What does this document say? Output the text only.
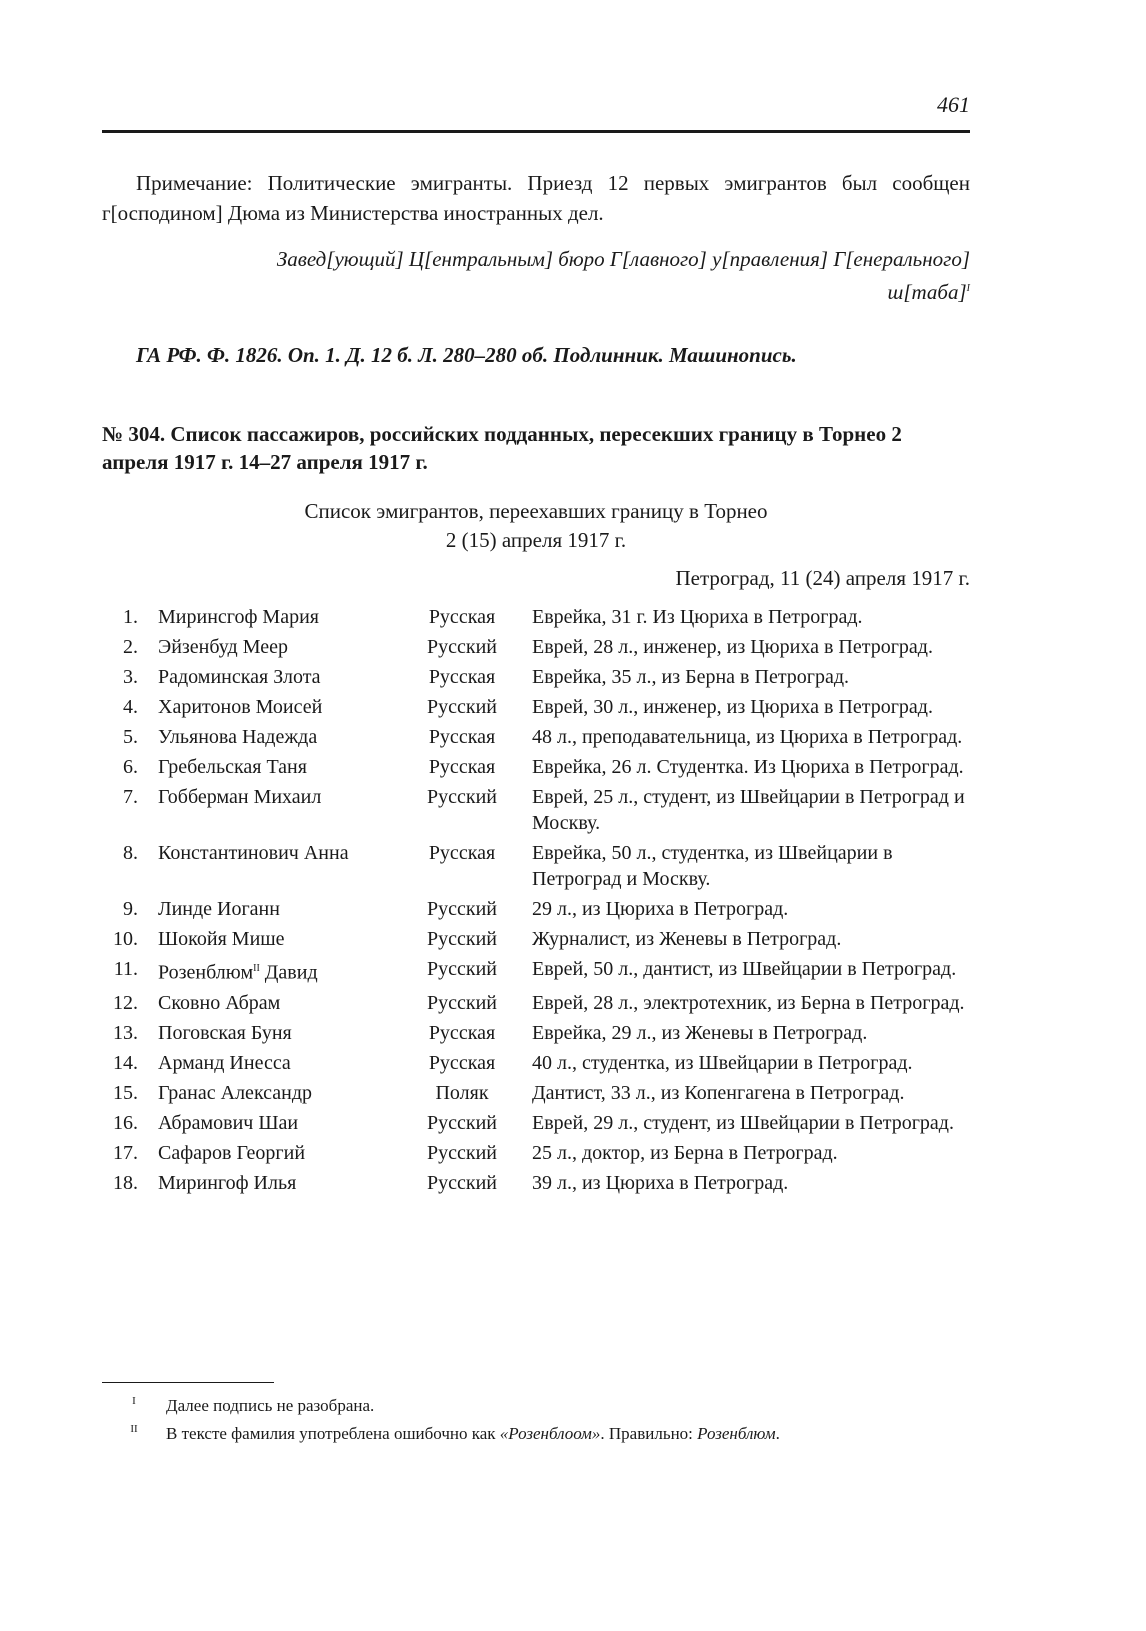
461
Примечание: Политические эмигранты. Приезд 12 первых эмигрантов был сообщен г[осподином] Дюма из Министерства иностранных дел.
Завед[ующий] Ц[ентральным] бюро Г[лавного] у[правления] Г[енерального]
ш[таба]$^I$
ГА РФ. Ф. 1826. Оп. 1. Д. 12 б. Л. 280–280 об. Подлинник. Машинопись.
№ 304. Список пассажиров, российских подданных, пересекших границу в Торнео 2 апреля 1917 г. 14–27 апреля 1917 г.
Список эмигрантов, переехавших границу в Торнео
2 (15) апреля 1917 г.
Петроград, 11 (24) апреля 1917 г.
1.	Миринсгоф Мария	Русская	Еврейка, 31 г. Из Цюриха в Петроград.
2.	Эйзенбуд Меер	Русский	Еврей, 28 л., инженер, из Цюриха в Петроград.
3.	Радоминская Злота	Русская	Еврейка, 35 л., из Берна в Петроград.
4.	Харитонов Моисей	Русский	Еврей, 30 л., инженер, из Цюриха в Петроград.
5.	Ульянова Надежда	Русская	48 л., преподавательница, из Цюриха в Петроград.
6.	Гребельская Таня	Русская	Еврейка, 26 л. Студентка. Из Цюриха в Петроград.
7.	Гобберман Михаил	Русский	Еврей, 25 л., студент, из Швейцарии в Петроград и Москву.
8.	Константинович Анна	Русская	Еврейка, 50 л., студентка, из Швейцарии в Петроград и Москву.
9.	Линде Иоганн	Русский	29 л., из Цюриха в Петроград.
10.	Шокойя Мише	Русский	Журналист, из Женевы в Петроград.
11.	Розенблюм$^{II}$ Давид	Русский	Еврей, 50 л., дантист, из Швейцарии в Петроград.
12.	Сковно Абрам	Русский	Еврей, 28 л., электротехник, из Берна в Петроград.
13.	Поговская Буня	Русская	Еврейка, 29 л., из Женевы в Петроград.
14.	Арманд Инесса	Русская	40 л., студентка, из Швейцарии в Петроград.
15.	Гранас Александр	Поляк	Дантист, 33 л., из Копенгагена в Петроград.
16.	Абрамович Шаи	Русский	Еврей, 29 л., студент, из Швейцарии в Петроград.
17.	Сафаров Георгий	Русский	25 л., доктор, из Берна в Петроград.
18.	Мирингоф Илья	Русский	39 л., из Цюриха в Петроград.
I	Далее подпись не разобрана.
II	В тексте фамилия употреблена ошибочно как «Розенблоом». Правильно: Розенблюм.
